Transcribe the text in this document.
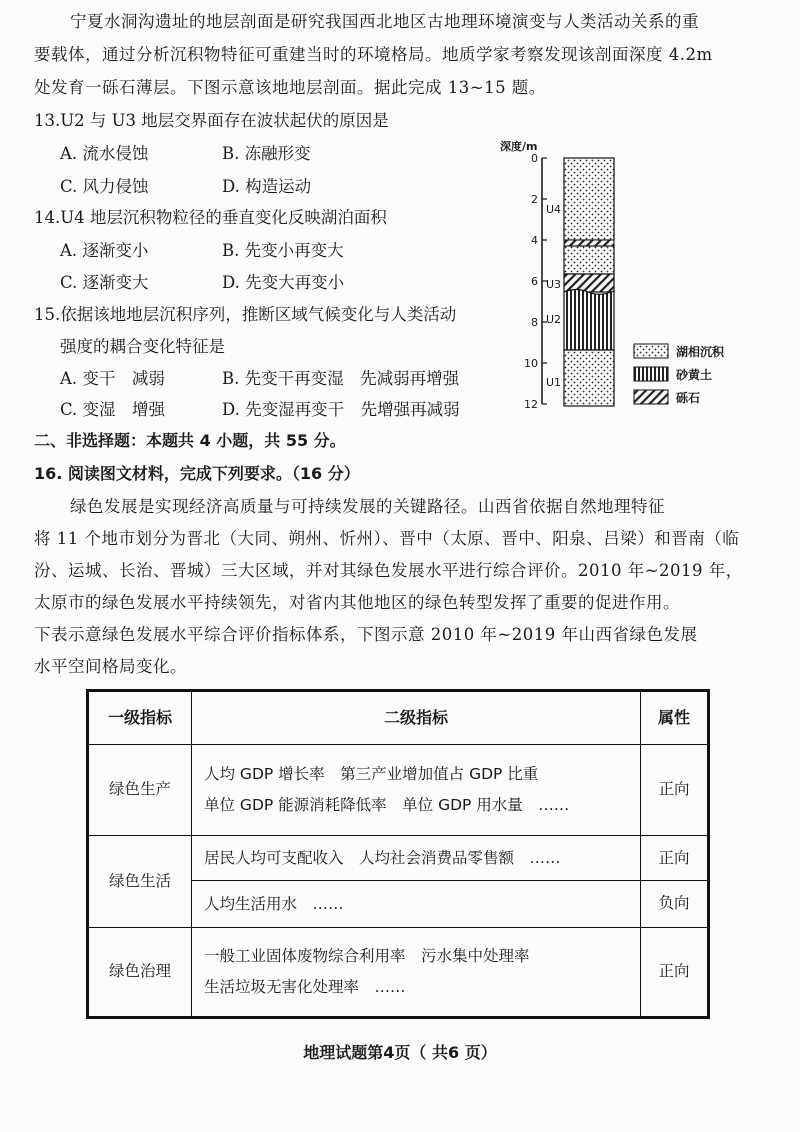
宁夏水洞沟遗址的地层剖面是研究我国西北地区古地理环境演变与人类活动关系的重
要载体，通过分析沉积物特征可重建当时的环境格局。地质学家考察发现该剖面深度 4.2m
处发育一砾石薄层。下图示意该地地层剖面。据此完成 13~15 题。
13.U2 与 U3 地层交界面存在波状起伏的原因是
A. 流水侵蚀	B. 冻融形变
C. 风力侵蚀	D. 构造运动
14.U4 地层沉积物粒径的垂直变化反映湖泊面积
A. 逐渐变小	B. 先变小再变大
C. 逐渐变大	D. 先变大再变小
15.依据该地地层沉积序列，推断区域气候变化与人类活动
强度的耦合变化特征是
A. 变干　减弱	B. 先变干再变湿　先减弱再增强
C. 变湿　增强	D. 先变湿再变干　先增强再减弱
深度/m
0
2
4
6
8
10
12
U4
U3
U2
U1
湖相沉积
砂黄土
砾石
二、非选择题：本题共 4 小题，共 55 分。
16. 阅读图文材料，完成下列要求。（16 分）
绿色发展是实现经济高质量与可持续发展的关键路径。山西省依据自然地理特征
将 11 个地市划分为晋北（大同、朔州、忻州）、晋中（太原、晋中、阳泉、吕梁）和晋南（临
汾、运城、长治、晋城）三大区域，并对其绿色发展水平进行综合评价。2010 年~2019 年，
太原市的绿色发展水平持续领先，对省内其他地区的绿色转型发挥了重要的促进作用。
下表示意绿色发展水平综合评价指标体系，下图示意 2010 年~2019 年山西省绿色发展
水平空间格局变化。
一级指标	二级指标	属性
绿色生产	人均 GDP 增长率　第三产业增加值占 GDP 比重
单位 GDP 能源消耗降低率　单位 GDP 用水量　……	正向
绿色生活	居民人均可支配收入　人均社会消费品零售额　……	正向

	人均生活用水　……	负向
绿色治理	一般工业固体废物综合利用率　污水集中处理率
生活垃圾无害化处理率　……	正向
地理试题第4页（ 共6 页）
